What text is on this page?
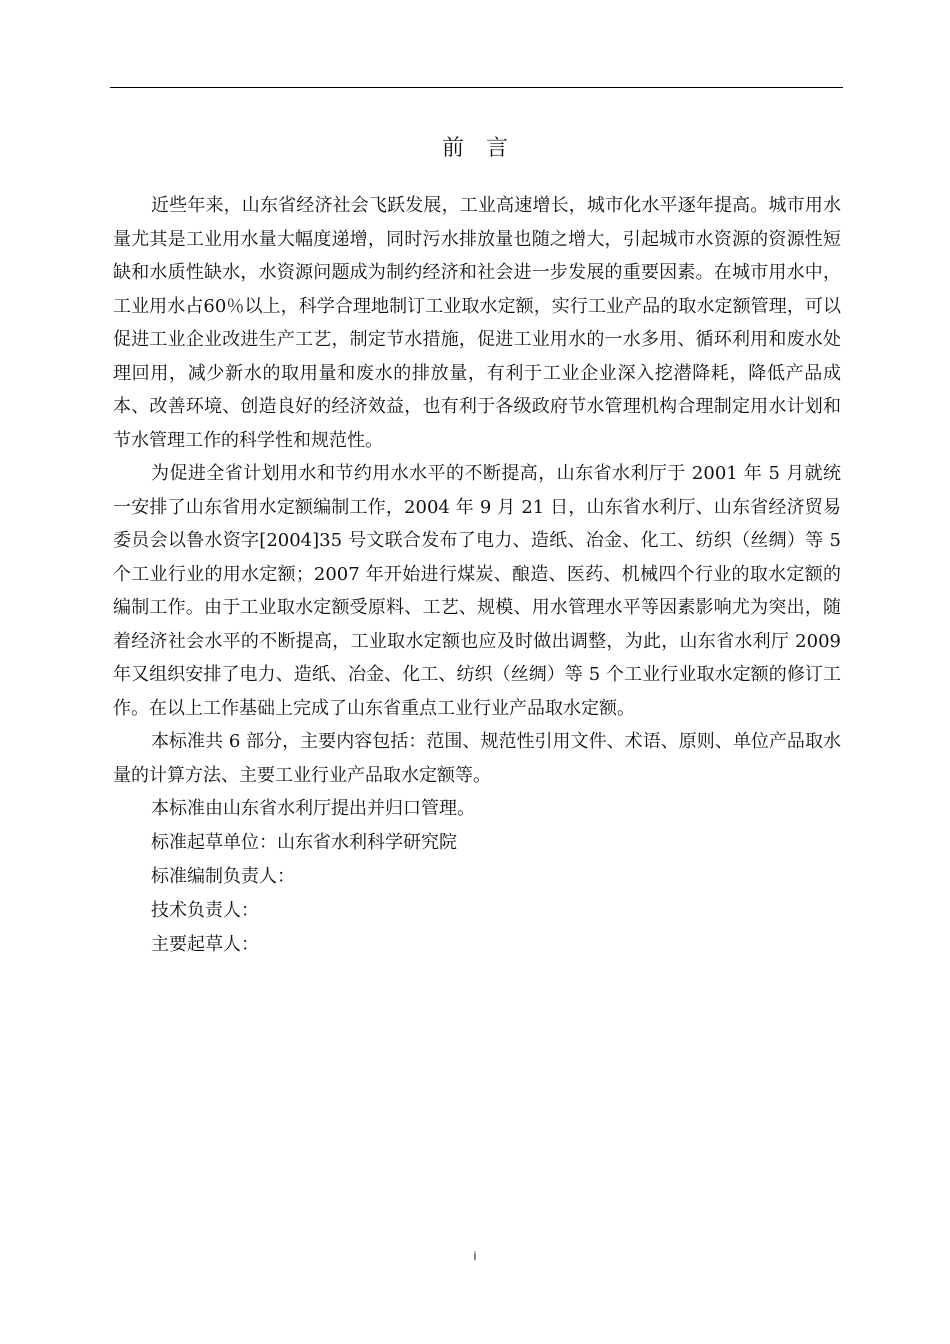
前言

近些年来，山东省经济社会飞跃发展，工业高速增长，城市化水平逐年提高。城市用水量尤其是工业用水量大幅度递增，同时污水排放量也随之增大，引起城市水资源的资源性短缺和水质性缺水，水资源问题成为制约经济和社会进一步发展的重要因素。在城市用水中，工业用水占60％以上，科学合理地制订工业取水定额，实行工业产品的取水定额管理，可以促进工业企业改进生产工艺，制定节水措施，促进工业用水的一水多用、循环利用和废水处理回用，减少新水的取用量和废水的排放量，有利于工业企业深入挖潜降耗，降低产品成本、改善环境、创造良好的经济效益，也有利于各级政府节水管理机构合理制定用水计划和节水管理工作的科学性和规范性。

为促进全省计划用水和节约用水水平的不断提高，山东省水利厅于 2001 年 5 月就统一安排了山东省用水定额编制工作，2004 年 9 月 21 日，山东省水利厅、山东省经济贸易委员会以鲁水资字[2004]35 号文联合发布了电力、造纸、冶金、化工、纺织（丝绸）等 5 个工业行业的用水定额；2007 年开始进行煤炭、酿造、医药、机械四个行业的取水定额的编制工作。由于工业取水定额受原料、工艺、规模、用水管理水平等因素影响尤为突出，随着经济社会水平的不断提高，工业取水定额也应及时做出调整，为此，山东省水利厅 2009 年又组织安排了电力、造纸、冶金、化工、纺织（丝绸）等 5 个工业行业取水定额的修订工作。在以上工作基础上完成了山东省重点工业行业产品取水定额。

本标准共 6 部分，主要内容包括：范围、规范性引用文件、术语、原则、单位产品取水量的计算方法、主要工业行业产品取水定额等。

本标准由山东省水利厅提出并归口管理。

标准起草单位：山东省水利科学研究院

标准编制负责人：

技术负责人：

主要起草人：

i
